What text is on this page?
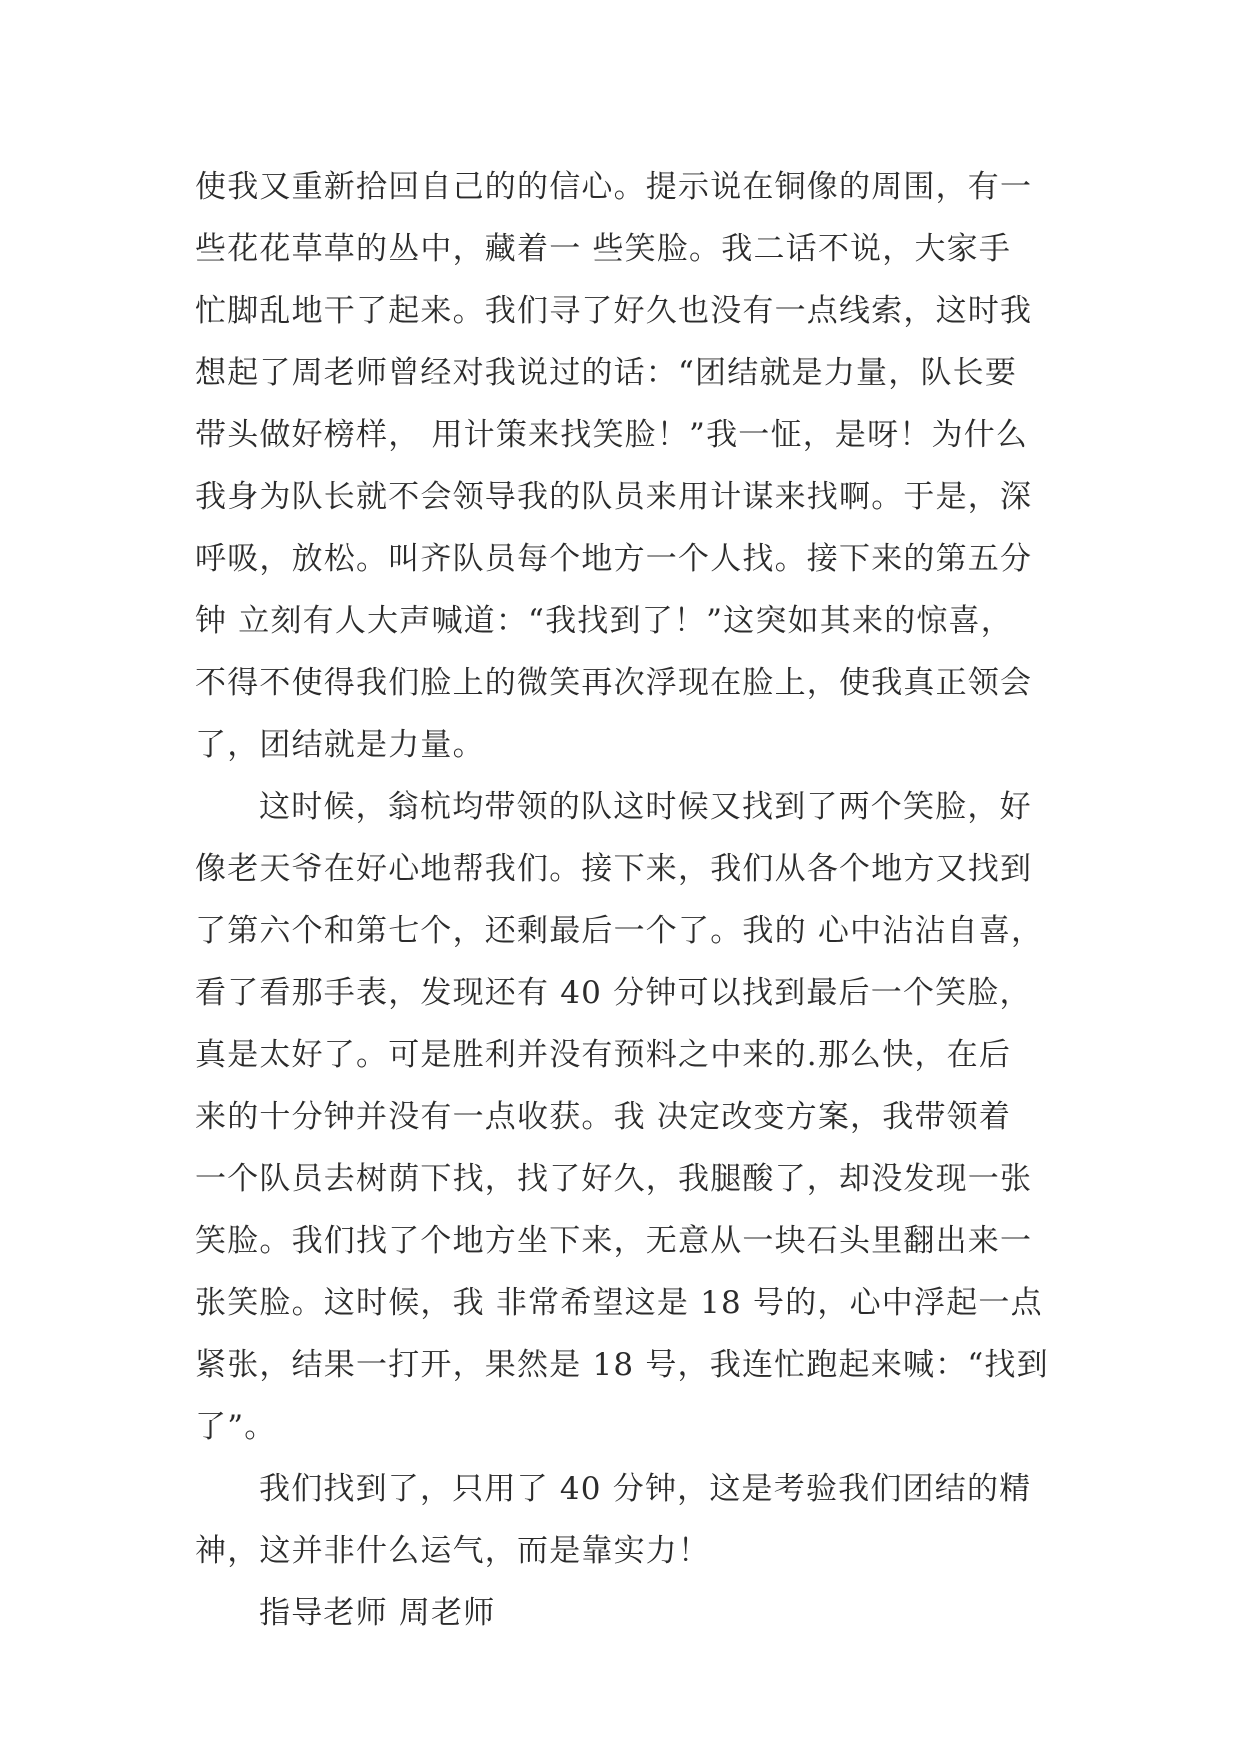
使我又重新拾回自己的的信心。提示说在铜像的周围，有一
些花花草草的丛中，藏着一 些笑脸。我二话不说，大家手
忙脚乱地干了起来。我们寻了好久也没有一点线索，这时我
想起了周老师曾经对我说过的话：“团结就是力量，队长要
带头做好榜样， 用计策来找笑脸！”我一怔，是呀！为什么
我身为队长就不会领导我的队员来用计谋来找啊。于是，深
呼吸，放松。叫齐队员每个地方一个人找。接下来的第五分
钟 立刻有人大声喊道：“我找到了！”这突如其来的惊喜，
不得不使得我们脸上的微笑再次浮现在脸上，使我真正领会
了，团结就是力量。
这时候，翁杭均带领的队这时候又找到了两个笑脸，好
像老天爷在好心地帮我们。接下来，我们从各个地方又找到
了第六个和第七个，还剩最后一个了。我的 心中沾沾自喜，
看了看那手表，发现还有 40 分钟可以找到最后一个笑脸，
真是太好了。可是胜利并没有预料之中来的.那么快，在后
来的十分钟并没有一点收获。我 决定改变方案，我带领着
一个队员去树荫下找，找了好久，我腿酸了，却没发现一张
笑脸。我们找了个地方坐下来，无意从一块石头里翻出来一
张笑脸。这时候，我 非常希望这是 18 号的，心中浮起一点
紧张，结果一打开，果然是 18 号，我连忙跑起来喊：“找到
了”。
我们找到了，只用了 40 分钟，这是考验我们团结的精
神，这并非什么运气，而是靠实力！
指导老师 周老师
